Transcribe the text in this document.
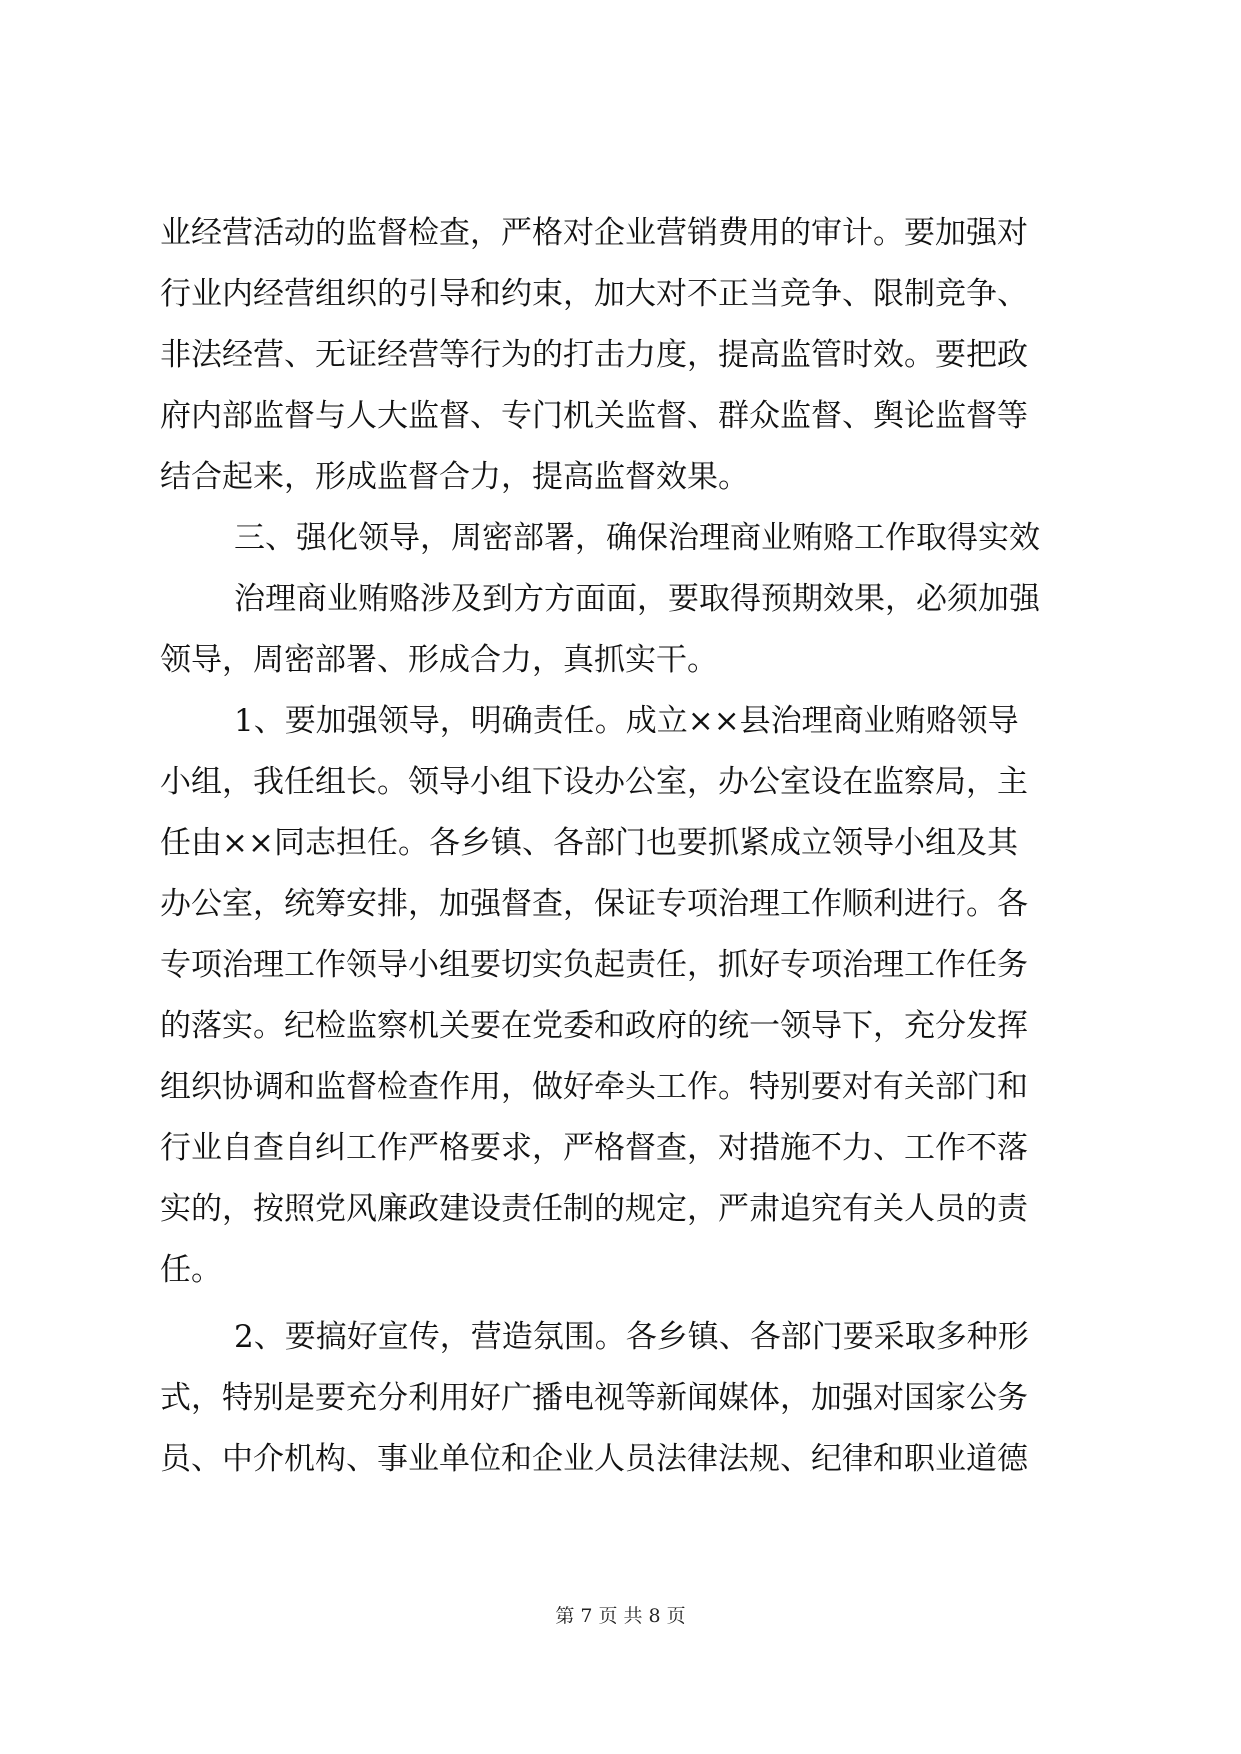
业经营活动的监督检查，严格对企业营销费用的审计。要加强对
行业内经营组织的引导和约束，加大对不正当竞争、限制竞争、
非法经营、无证经营等行为的打击力度，提高监管时效。要把政
府内部监督与人大监督、专门机关监督、群众监督、舆论监督等
结合起来，形成监督合力，提高监督效果。
三、强化领导，周密部署，确保治理商业贿赂工作取得实效
治理商业贿赂涉及到方方面面，要取得预期效果，必须加强
领导，周密部署、形成合力，真抓实干。
1、要加强领导，明确责任。成立××县治理商业贿赂领导
小组，我任组长。领导小组下设办公室，办公室设在监察局，主
任由××同志担任。各乡镇、各部门也要抓紧成立领导小组及其
办公室，统筹安排，加强督查，保证专项治理工作顺利进行。各
专项治理工作领导小组要切实负起责任，抓好专项治理工作任务
的落实。纪检监察机关要在党委和政府的统一领导下，充分发挥
组织协调和监督检查作用，做好牵头工作。特别要对有关部门和
行业自查自纠工作严格要求，严格督查，对措施不力、工作不落
实的，按照党风廉政建设责任制的规定，严肃追究有关人员的责
任。
2、要搞好宣传，营造氛围。各乡镇、各部门要采取多种形
式，特别是要充分利用好广播电视等新闻媒体，加强对国家公务
员、中介机构、事业单位和企业人员法律法规、纪律和职业道德
第 7 页 共 8 页
